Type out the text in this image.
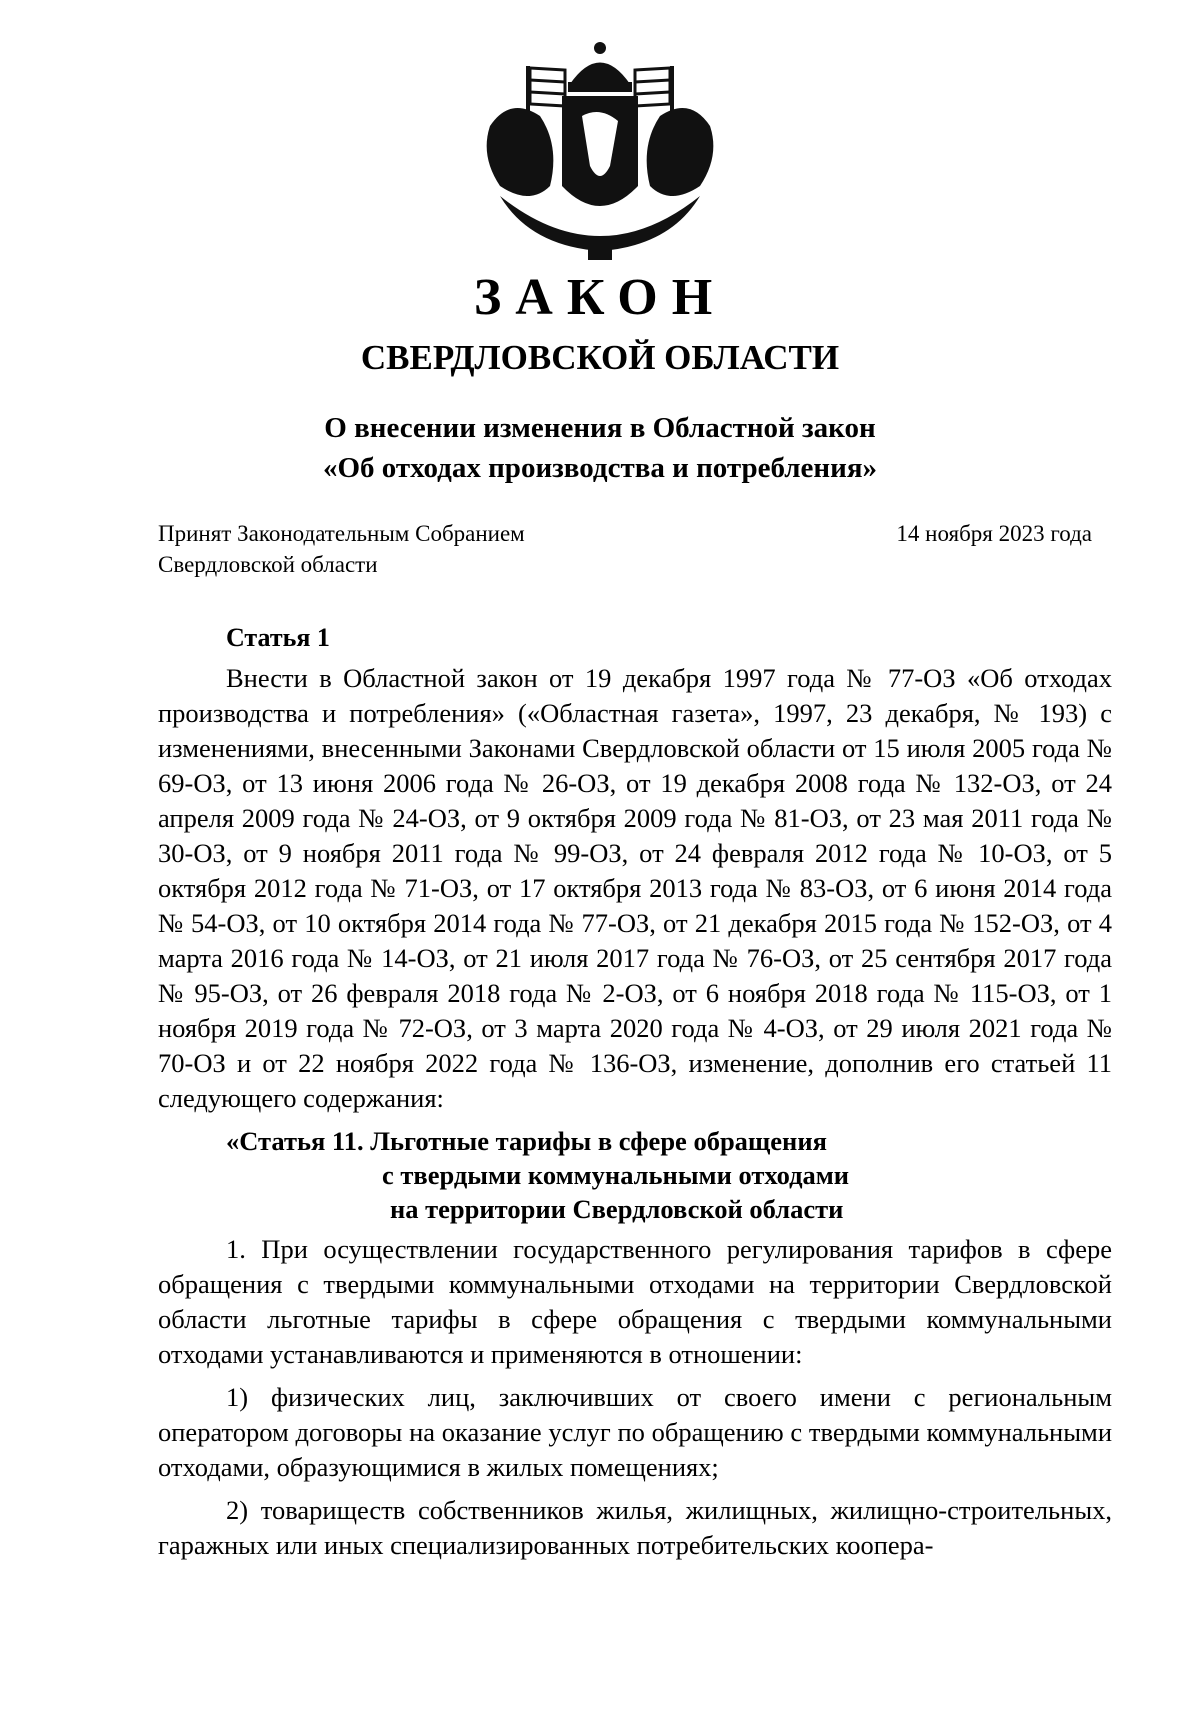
ЗАКОН
СВЕРДЛОВСКОЙ ОБЛАСТИ
О внесении изменения в Областной закон
«Об отходах производства и потребления»
Принят Законодательным Собранием
Свердловской области
14 ноября 2023 года
Статья 1

Внести в Областной закон от 19 декабря 1997 года № 77-ОЗ «Об отходах производства и потребления» («Областная газета», 1997, 23 декабря, № 193) с изменениями, внесенными Законами Свердловской области от 15 июля 2005 года № 69-ОЗ, от 13 июня 2006 года № 26-ОЗ, от 19 декабря 2008 года № 132-ОЗ, от 24 апреля 2009 года № 24-ОЗ, от 9 октября 2009 года № 81-ОЗ, от 23 мая 2011 года № 30-ОЗ, от 9 ноября 2011 года № 99-ОЗ, от 24 февраля 2012 года № 10-ОЗ, от 5 октября 2012 года № 71-ОЗ, от 17 октября 2013 года № 83-ОЗ, от 6 июня 2014 года № 54-ОЗ, от 10 октября 2014 года № 77-ОЗ, от 21 декабря 2015 года № 152-ОЗ, от 4 марта 2016 года № 14-ОЗ, от 21 июля 2017 года № 76-ОЗ, от 25 сентября 2017 года № 95-ОЗ, от 26 февраля 2018 года № 2-ОЗ, от 6 ноября 2018 года № 115-ОЗ, от 1 ноября 2019 года № 72-ОЗ, от 3 марта 2020 года № 4-ОЗ, от 29 июля 2021 года № 70-ОЗ и от 22 ноября 2022 года № 136-ОЗ, изменение, дополнив его статьей 11 следующего содержания:

«Статья 11. Льготные тарифы в сфере обращения
с твердыми коммунальными отходами
на территории Свердловской области

1. При осуществлении государственного регулирования тарифов в сфере обращения с твердыми коммунальными отходами на территории Свердловской области льготные тарифы в сфере обращения с твердыми коммунальными отходами устанавливаются и применяются в отношении:

1) физических лиц, заключивших от своего имени с региональным оператором договоры на оказание услуг по обращению с твердыми коммунальными отходами, образующимися в жилых помещениях;

2) товариществ собственников жилья, жилищных, жилищно-строительных, гаражных или иных специализированных потребительских коопера-
